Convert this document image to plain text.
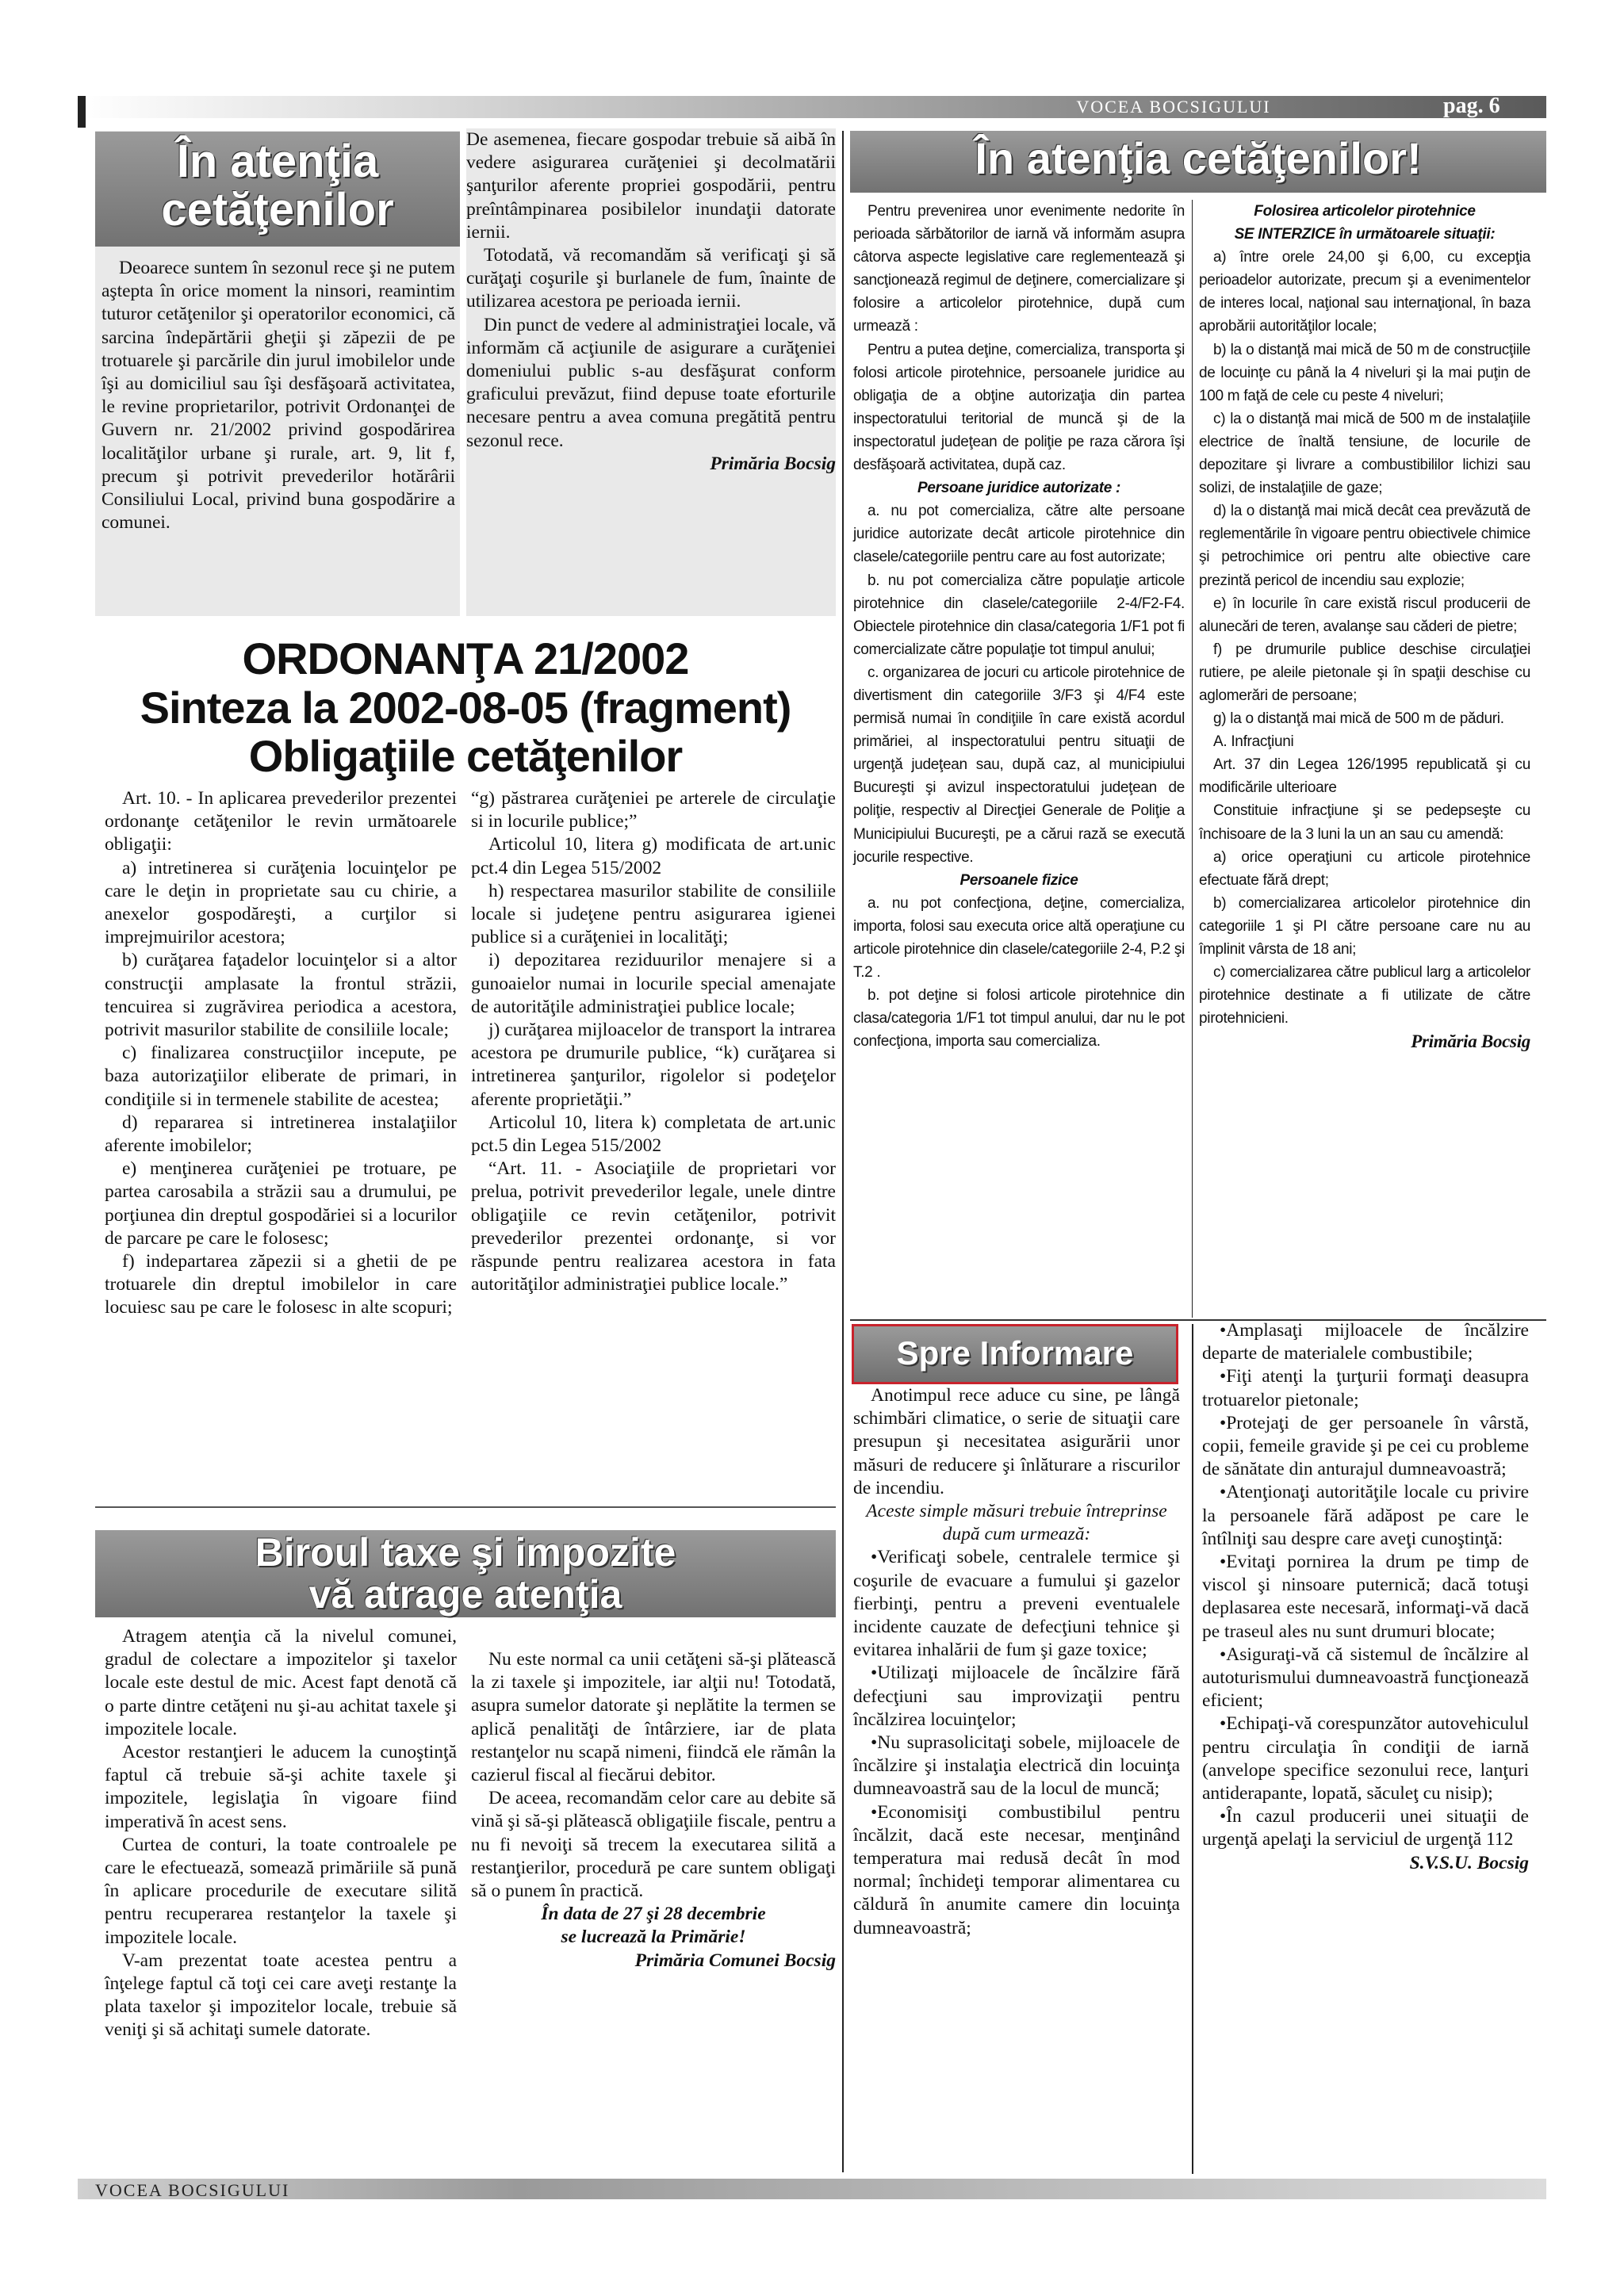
VOCEA BOCSIGULUI	pag. 6
În atenţia cetăţenilor

Deoarece suntem în sezonul rece şi ne putem aştepta în orice moment la ninsori, reamintim tuturor cetăţenilor şi operatorilor economici, că sarcina îndepărtării gheţii şi zăpezii de pe trotuarele şi parcările din jurul imobilelor unde îşi au domiciliul sau îşi desfăşoară activitatea, le revine proprietarilor, potrivit Ordonanţei de Guvern nr. 21/2002 privind gospodărirea localităţilor urbane şi rurale, art. 9, lit f, precum şi potrivit prevederilor hotărârii Consiliului Local, privind buna gospodărire a comunei.

De asemenea, fiecare gospodar trebuie să aibă în vedere asigurarea curăţeniei şi decolmatării şanţurilor aferente propriei gospodării, pentru preîntâmpinarea posibilelor inundaţii datorate iernii.

Totodată, vă recomandăm să verificaţi şi să curăţaţi coşurile şi burlanele de fum, înainte de utilizarea acestora pe perioada iernii.

Din punct de vedere al administraţiei locale, vă informăm că acţiunile de asigurare a curăţeniei domeniului public s-au desfăşurat conform graficului prevăzut, fiind depuse toate eforturile necesare pentru a avea comuna pregătită pentru sezonul rece.

Primăria Bocsig
ORDONANŢA 21/2002
Sinteza la 2002-08-05 (fragment)
Obligaţiile cetăţenilor

Art. 10. - In aplicarea prevederilor prezentei ordonanţe cetăţenilor le revin următoarele obligaţii:

a) intretinerea si curăţenia locuinţelor pe care le deţin in proprietate sau cu chirie, a anexelor gospodăreşti, a curţilor si imprejmuirilor acestora;

b) curăţarea faţadelor locuinţelor si a altor construcţii amplasate la frontul străzii, tencuirea si zugrăvirea periodica a acestora, potrivit masurilor stabilite de consiliile locale;

c) finalizarea construcţiilor incepute, pe baza autorizaţiilor eliberate de primari, in condiţiile si in termenele stabilite de acestea;

d) repararea si intretinerea instalaţiilor aferente imobilelor;

e) menţinerea curăţeniei pe trotuare, pe partea carosabila a străzii sau a drumului, pe porţiunea din dreptul gospodăriei si a locurilor de parcare pe care le folosesc;

f) indepartarea zăpezii si a ghetii de pe trotuarele din dreptul imobilelor in care locuiesc sau pe care le folosesc in alte scopuri;

“g) păstrarea curăţeniei pe arterele de circulaţie si in locurile publice;”

Articolul 10, litera g) modificata de art.unic pct.4 din Legea 515/2002

h) respectarea masurilor stabilite de consiliile locale si judeţene pentru asigurarea igienei publice si a curăţeniei in localităţi;

i) depozitarea reziduurilor menajere si a gunoaielor numai in locurile special amenajate de autorităţile administraţiei publice locale;

j) curăţarea mijloacelor de transport la intrarea acestora pe drumurile publice, “k) curăţarea si intretinerea şanţurilor, rigolelor si podeţelor aferente proprietăţii.”

Articolul 10, litera k) completata de art.unic pct.5 din Legea 515/2002

“Art. 11. - Asociaţiile de proprietari vor prelua, potrivit prevederilor legale, unele dintre obligaţiile ce revin cetăţenilor, potrivit prevederilor prezentei ordonanţe, si vor răspunde pentru realizarea acestora in fata autorităţilor administraţiei publice locale.”

Biroul taxe şi impozite
vă atrage atenţia

Atragem atenţia că la nivelul comunei, gradul de colectare a impozitelor şi taxelor locale este destul de mic. Acest fapt denotă că o parte dintre cetăţeni nu şi-au achitat taxele şi impozitele locale.

Acestor restanţieri le aducem la cunoştinţă faptul că trebuie să-şi achite taxele şi impozitele, legislaţia în vigoare fiind imperativă în acest sens.

Curtea de conturi, la toate controalele pe care le efectuează, somează primăriile să pună în aplicare procedurile de executare silită pentru recuperarea restanţelor la taxele şi impozitele locale.

V-am prezentat toate acestea pentru a înţelege faptul că toţi cei care aveţi restanţe la plata taxelor şi impozitelor locale, trebuie să veniţi şi să achitaţi sumele datorate.

Nu este normal ca unii cetăţeni să-şi plătească la zi taxele şi impozitele, iar alţii nu! Totodată, asupra sumelor datorate şi neplătite la termen se aplică penalităţi de întârziere, iar de plata restanţelor nu scapă nimeni, fiindcă ele rămân la cazierul fiscal al fiecărui debitor.

De aceea, recomandăm celor care au debite să vină şi să-şi plătească obligaţiile fiscale, pentru a nu fi nevoiţi să trecem la executarea silită a restanţierilor, procedură pe care suntem obligaţi să o punem în practică.

În data de 27 şi 28 decembrie
se lucrează la Primărie!
Primăria Comunei Bocsig
În atenţia cetăţenilor!

Pentru prevenirea unor evenimente nedorite în perioada sărbătorilor de iarnă vă informăm asupra câtorva aspecte legislative care reglementează şi sancţionează regimul de deţinere, comercializare şi folosire a articolelor pirotehnice, după cum urmează :

Pentru a putea deţine, comercializa, transporta şi folosi articole pirotehnice, persoanele juridice au obligaţia de a obţine autorizaţia din partea inspectoratului teritorial de muncă şi de la inspectoratul judeţean de poliţie pe raza cărora îşi desfăşoară activitatea, după caz.

Persoane juridice autorizate :

a. nu pot comercializa, către alte persoane juridice autorizate decât articole pirotehnice din clasele/categoriile pentru care au fost autorizate;

b. nu pot comercializa către populaţie articole pirotehnice din clasele/categoriile 2-4/F2-F4. Obiectele pirotehnice din clasa/categoria 1/F1 pot fi comercializate către populaţie tot timpul anului;

c. organizarea de jocuri cu articole pirotehnice de divertisment din categoriile 3/F3 şi 4/F4 este permisă numai în condiţiile în care există acordul primăriei, al inspectoratului pentru situaţii de urgenţă judeţean sau, după caz, al municipiului Bucureşti şi avizul inspectoratului judeţean de poliţie, respectiv al Direcţiei Generale de Poliţie a Municipiului Bucureşti, pe a cărui rază se execută jocurile respective.

Persoanele fizice

a. nu pot confecţiona, deţine, comercializa, importa, folosi sau executa orice altă operaţiune cu articole pirotehnice din clasele/categoriile 2-4, P.2 şi T.2 .

b. pot deţine si folosi articole pirotehnice din clasa/categoria 1/F1 tot timpul anului, dar nu le pot confecţiona, importa sau comercializa.

Folosirea articolelor pirotehnice

SE INTERZICE în următoarele situaţii:

a) între orele 24,00 şi 6,00, cu excepţia perioadelor autorizate, precum şi a evenimentelor de interes local, naţional sau internaţional, în baza aprobării autorităţilor locale;

b) la o distanţă mai mică de 50 m de construcţiile de locuinţe cu până la 4 niveluri şi la mai puţin de 100 m faţă de cele cu peste 4 niveluri;

c) la o distanţă mai mică de 500 m de instalaţiile electrice de înaltă tensiune, de locurile de depozitare şi livrare a combustibililor lichizi sau solizi, de instalaţiile de gaze;

d) la o distanţă mai mică decât cea prevăzută de reglementările în vigoare pentru obiectivele chimice şi petrochimice ori pentru alte obiective care prezintă pericol de incendiu sau explozie;

e) în locurile în care există riscul producerii de alunecări de teren, avalanşe sau căderi de pietre;

f) pe drumurile publice deschise circulaţiei rutiere, pe aleile pietonale şi în spaţii deschise cu aglomerări de persoane;

g) la o distanţă mai mică de 500 m de păduri.

A. Infracţiuni

Art. 37 din Legea 126/1995 republicată şi cu modificările ulterioare

Constituie infracţiune şi se pedepseşte cu închisoare de la 3 luni la un an sau cu amendă:

a) orice operaţiuni cu articole pirotehnice efectuate fără drept;

b) comercializarea articolelor pirotehnice din categoriile 1 şi PI către persoane care nu au împlinit vârsta de 18 ani;

c) comercializarea către publicul larg a articolelor pirotehnice destinate a fi utilizate de către pirotehnicieni.

Primăria Bocsig
Spre Informare

Anotimpul rece aduce cu sine, pe lângă schimbări climatice, o serie de situaţii care presupun şi necesitatea asigurării unor măsuri de reducere şi înlăturare a riscurilor de incendiu.

Aceste simple măsuri trebuie întreprinse după cum urmează:

•Verificaţi sobele, centralele termice şi coşurile de evacuare a fumului şi gazelor fierbinţi, pentru a preveni eventualele incidente cauzate de defecţiuni tehnice şi evitarea inhalării de fum şi gaze toxice;

•Utilizaţi mijloacele de încălzire fără defecţiuni sau improvizaţii pentru încălzirea locuinţelor;

•Nu suprasolicitaţi sobele, mijloacele de încălzire şi instalaţia electrică din locuinţa dumneavoastră sau de la locul de muncă;

•Economisiţi combustibilul pentru încălzit, dacă este necesar, menţinând temperatura mai redusă decât în mod normal; închideţi temporar alimentarea cu căldură în anumite camere din locuinţa dumneavoastră;

•Amplasaţi mijloacele de încălzire departe de materialele combustibile;

•Fiţi atenţi la ţurţurii formaţi deasupra trotuarelor pietonale;

•Protejaţi de ger persoanele în vârstă, copii, femeile gravide şi pe cei cu probleme de sănătate din anturajul dumneavoastră;

•Atenţionaţi autorităţile locale cu privire la persoanele fără adăpost pe care le întîlniţi sau despre care aveţi cunoştinţă:

•Evitaţi pornirea la drum pe timp de viscol şi ninsoare puternică; dacă totuşi deplasarea este necesară, informaţi-vă dacă pe traseul ales nu sunt drumuri blocate;

•Asiguraţi-vă că sistemul de încălzire al autoturismului dumneavoastră funcţionează eficient;

•Echipaţi-vă corespunzător autovehiculul pentru circulaţia în condiţii de iarnă (anvelope specifice sezonului rece, lanţuri antiderapante, lopată, săculeţ cu nisip);

•În cazul producerii unei situaţii de urgenţă apelaţi la serviciul de urgenţă 112

S.V.S.U. Bocsig
VOCEA BOCSIGULUI
